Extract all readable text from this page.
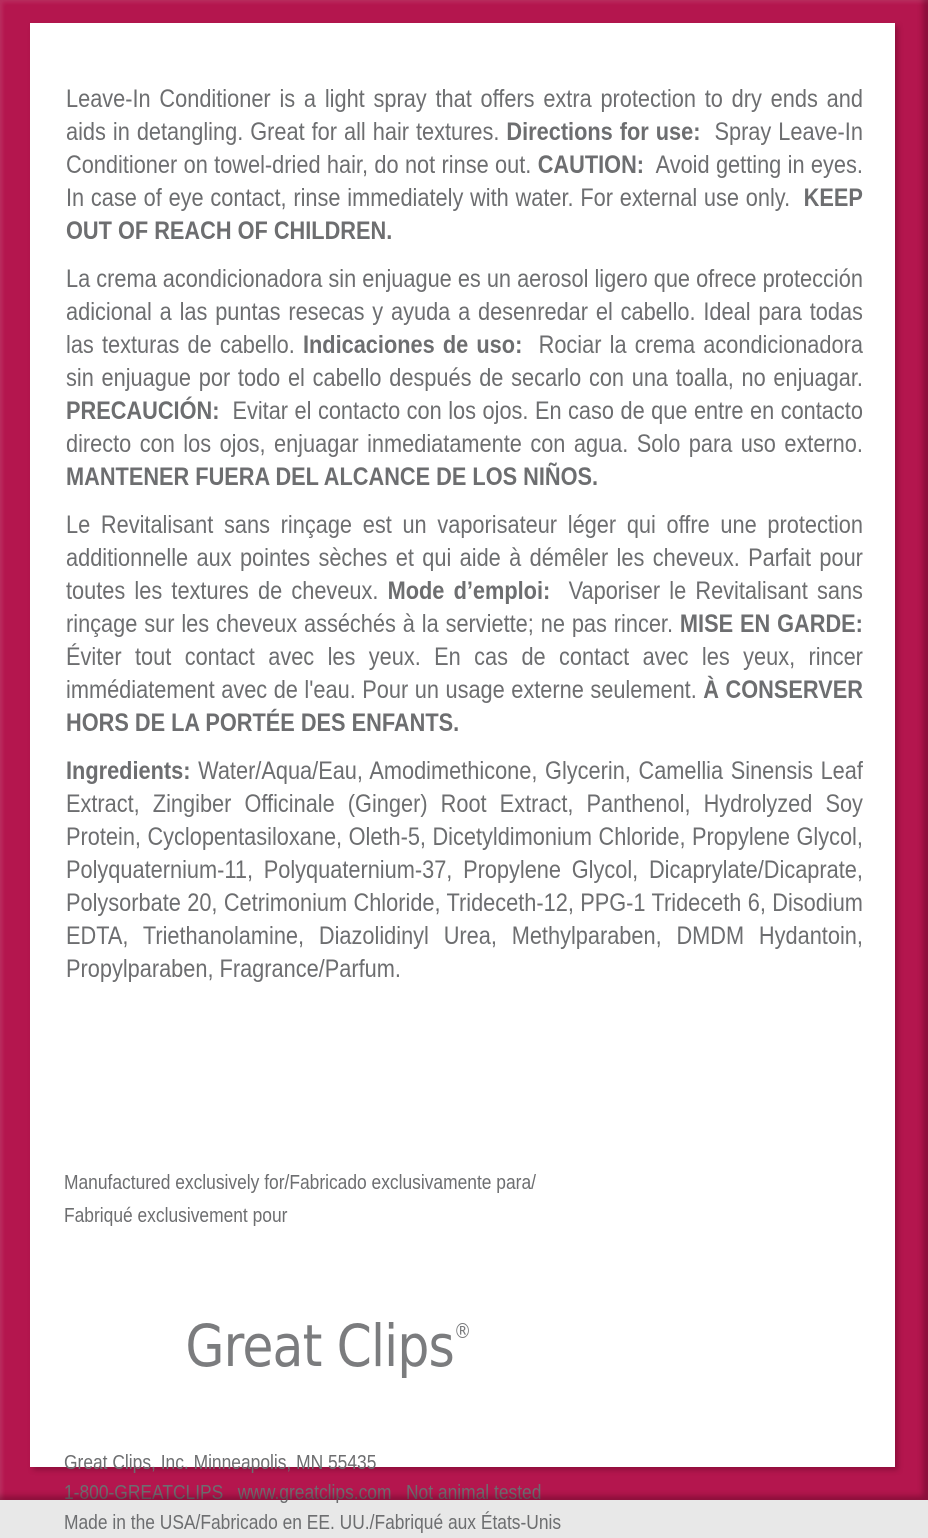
Leave-In Conditioner is a light spray that offers extra protection to dry ends and aids in detangling. Great for all hair textures. Directions for use:  Spray Leave-In Conditioner on towel-dried hair, do not rinse out. CAUTION:  Avoid getting in eyes.  In case of eye contact, rinse immediately with water. For external use only.  KEEP OUT OF REACH OF CHILDREN.

La crema acondicionadora sin enjuague es un aerosol ligero que ofrece protección adicional a las puntas resecas y ayuda a desenredar el cabello. Ideal para todas las texturas de cabello. Indicaciones de uso:  Rociar la crema acondicionadora sin enjuague por todo el cabello después de secarlo con una toalla, no enjuagar. PRECAUCIÓN:  Evitar el contacto con los ojos. En caso de que entre en contacto directo con los ojos, enjuagar inmediatamente con agua. Solo para uso externo. MANTENER FUERA DEL ALCANCE DE LOS NIÑOS.

Le Revitalisant sans rinçage est un vaporisateur léger qui offre une protection additionnelle aux pointes sèches et qui aide à démêler les cheveux. Parfait pour toutes les textures de cheveux. Mode d’emploi:  Vaporiser le Revitalisant sans rinçage sur les cheveux asséchés à la serviette; ne pas rincer. MISE EN GARDE:  Éviter tout contact avec les yeux. En cas de contact avec les yeux, rincer immédiatement avec de l'eau. Pour un usage externe seulement. À CONSERVER HORS DE LA PORTÉE DES ENFANTS.

Ingredients: Water/Aqua/Eau, Amodimethicone, Glycerin, Camellia Sinensis Leaf Extract, Zingiber Officinale (Ginger) Root Extract, Panthenol, Hydrolyzed Soy Protein, Cyclopentasiloxane, Oleth-5, Dicetyldimonium Chloride, Propylene Glycol, Polyquaternium-11, Polyquaternium-37, Propylene Glycol, Dicaprylate/Dicaprate, Polysorbate 20, Cetrimonium Chloride, Trideceth-12, PPG-1 Trideceth 6, Disodium EDTA, Triethanolamine, Diazolidinyl Urea, Methylparaben, DMDM Hydantoin, Propylparaben, Fragrance/Parfum.

Manufactured exclusively for/Fabricado exclusivamente para/
Fabriqué exclusivement pour

Great Clips®

Great Clips, Inc. Minneapolis, MN 55435
1-800-GREATCLIPS   www.greatclips.com   Not animal tested
Made in the USA/Fabricado en EE. UU./Fabriqué aux États-Unis
